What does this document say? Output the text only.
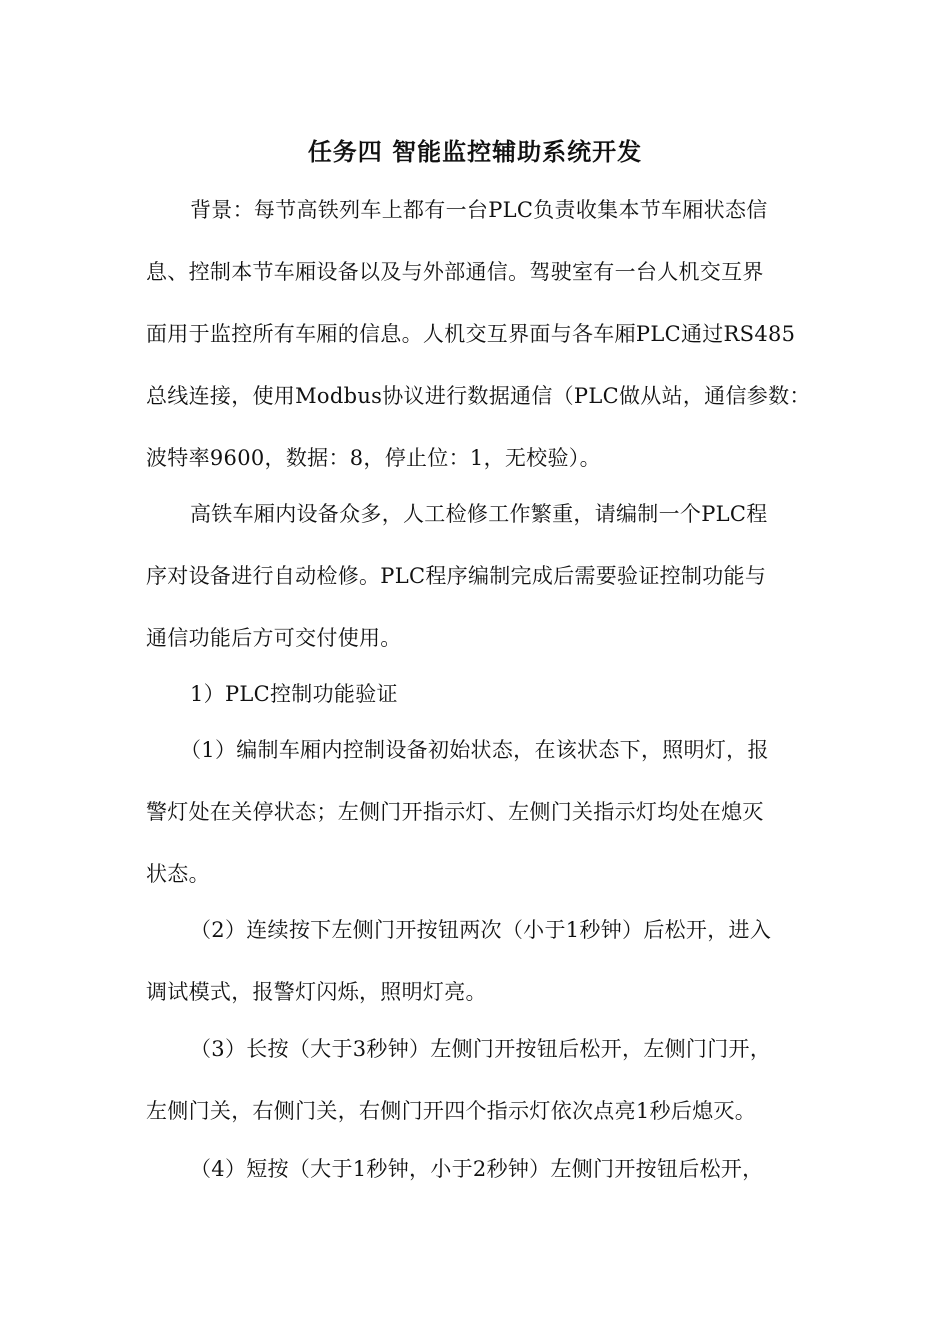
任务四 智能监控辅助系统开发
背景：每节高铁列车上都有一台PLC负责收集本节车厢状态信
息、控制本节车厢设备以及与外部通信。驾驶室有一台人机交互界
面用于监控所有车厢的信息。人机交互界面与各车厢PLC通过RS485
总线连接，使用Modbus协议进行数据通信（PLC做从站，通信参数：
波特率9600，数据：8，停止位：1，无校验）。
高铁车厢内设备众多，人工检修工作繁重，请编制一个PLC程
序对设备进行自动检修。PLC程序编制完成后需要验证控制功能与
通信功能后方可交付使用。
1）PLC控制功能验证
（1）编制车厢内控制设备初始状态，在该状态下，照明灯，报
警灯处在关停状态；左侧门开指示灯、左侧门关指示灯均处在熄灭
状态。
（2）连续按下左侧门开按钮两次（小于1秒钟）后松开，进入
调试模式，报警灯闪烁，照明灯亮。
（3）长按（大于3秒钟）左侧门开按钮后松开，左侧门门开，
左侧门关，右侧门关，右侧门开四个指示灯依次点亮1秒后熄灭。
（4）短按（大于1秒钟，小于2秒钟）左侧门开按钮后松开，
